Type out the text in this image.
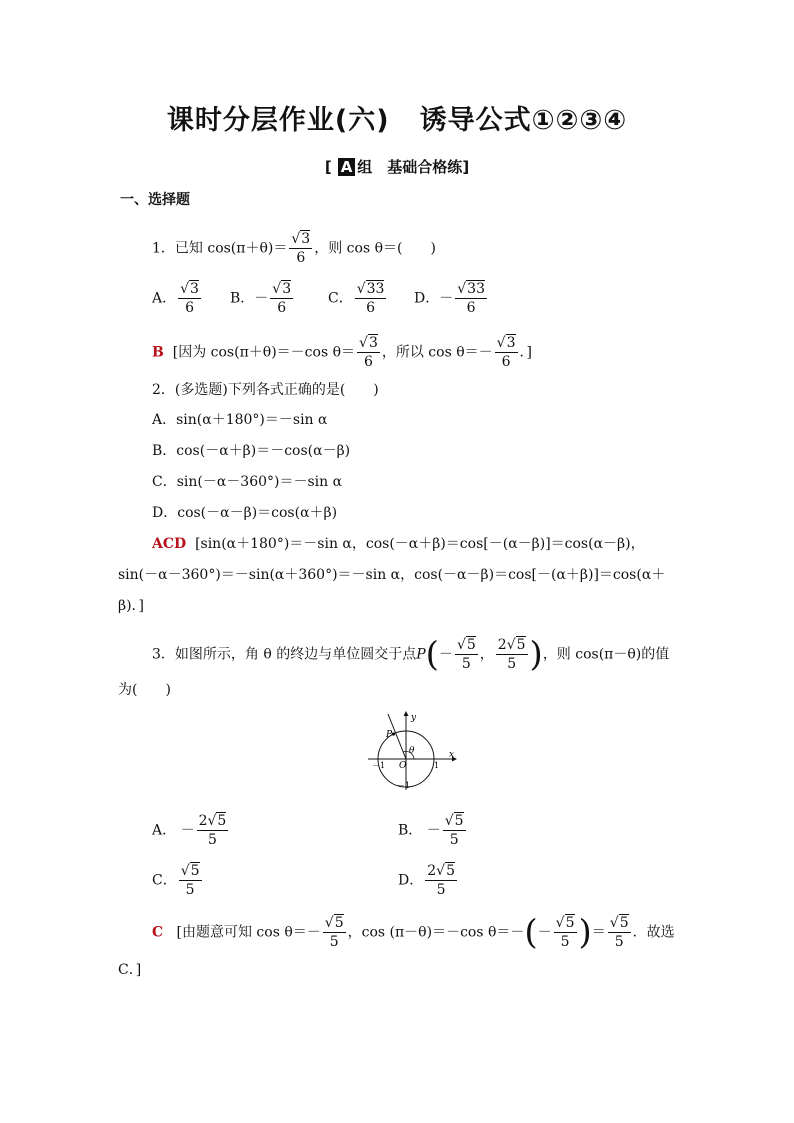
课时分层作业(六) 诱导公式①②③④
[ A 组　基础合格练]
一、选择题
1．已知 $\cos(\pi+\theta)= \frac{√3}{6}$ ，则 cos θ＝(　　)
A． $\frac{√3}{6}$ B．－ $\frac{√3}{6}$ C． $\frac{√33}{6}$ D．－ $\frac{√33}{6}$
B [因为 cos(π＋θ)＝－cos $\theta= \frac{√3}{6}$ ，所以 $\cos \theta=- \frac{√3}{6}$ ．]
2．(多选题)下列各式正确的是(　　)
A．sin(α＋180°)＝－sin α
B．cos(－α＋β)＝－cos(α－β)
C．sin(－α－360°)＝－sin α
D．cos(－α－β)＝cos(α＋β)
ACD [sin(α＋180°)＝－sin α，cos(－α＋β)＝cos[－(α－β)]＝cos(α－β)，
sin(－α－360°)＝－sin(α＋360°)＝－sin α，cos(－α－β)＝cos[－(α＋β)]＝cos(α＋
β)．]
3．如图所示，角 θ 的终边与单位圆交于点$P(- \frac{√5}{5}$ ， $\frac{2√5}{5}$ )，则 cos(π－θ)的值
为(　　)
y
x
O
P
θ
－1	1
－1
A． － $\frac{2√5}{5}$	B． － $\frac{√5}{5}$
C． $\frac{√5}{5}$	D． $\frac{2√5}{5}$
C [由题意可知 $\cos \theta=- \frac{√5}{5}$ ，cos (π－θ)＝－cos $\theta=-(- \frac{√5}{5}$ )＝ $\frac{√5}{5}$ ．故选
C．]
